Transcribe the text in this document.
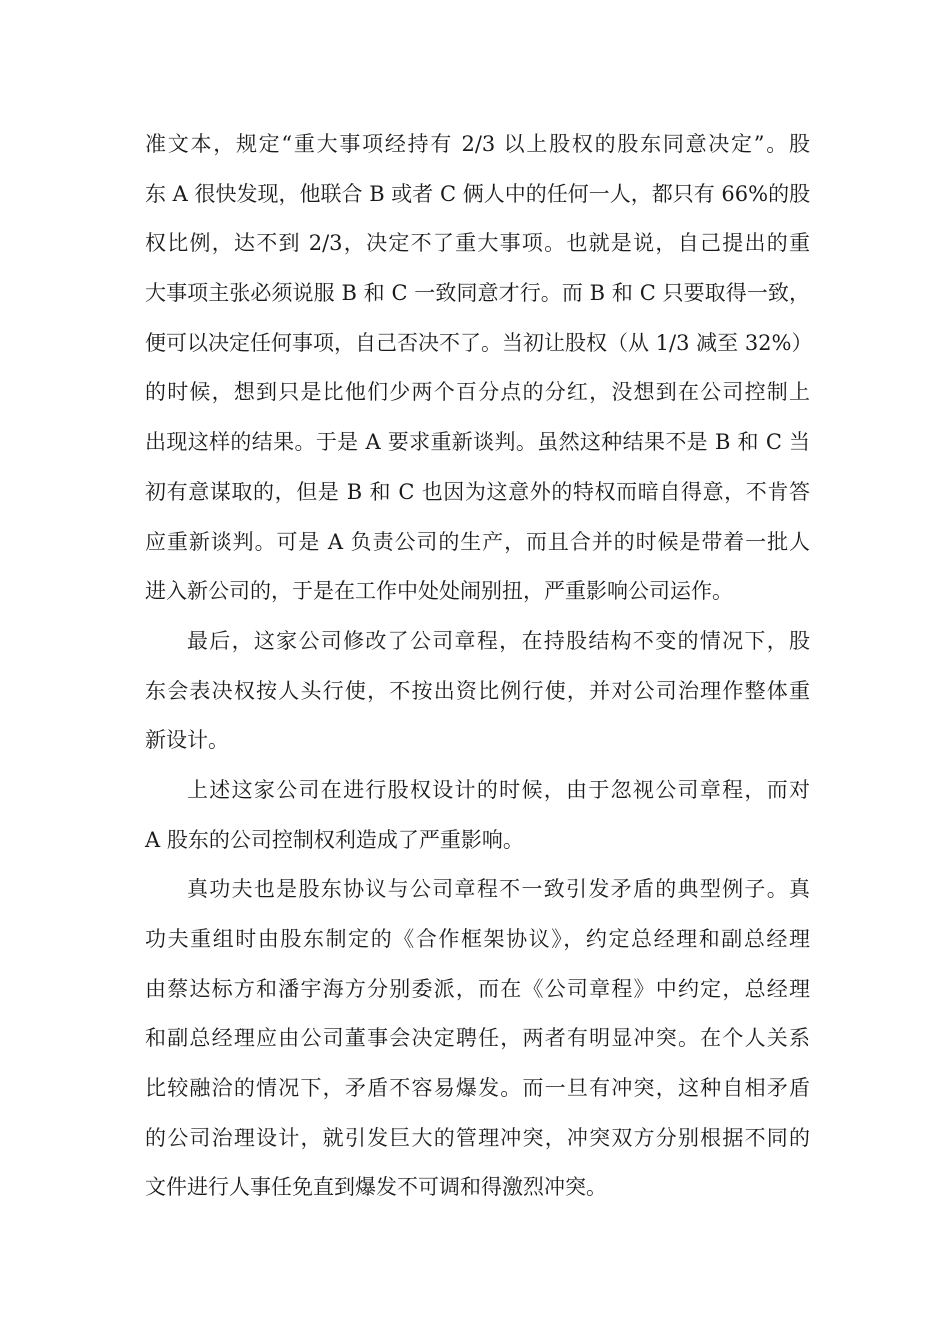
准文本，规定“重大事项经持有 2/3 以上股权的股东同意决定”。股
东 A 很快发现，他联合 B 或者 C 俩人中的任何一人，都只有 66%的股
权比例，达不到 2/3，决定不了重大事项。也就是说，自己提出的重
大事项主张必须说服 B 和 C 一致同意才行。而 B 和 C 只要取得一致，
便可以决定任何事项，自己否决不了。当初让股权（从 1/3 减至 32%）
的时候，想到只是比他们少两个百分点的分红，没想到在公司控制上
出现这样的结果。于是 A 要求重新谈判。虽然这种结果不是 B 和 C 当
初有意谋取的，但是 B 和 C 也因为这意外的特权而暗自得意，不肯答
应重新谈判。可是 A 负责公司的生产，而且合并的时候是带着一批人
进入新公司的，于是在工作中处处闹别扭，严重影响公司运作。
最后，这家公司修改了公司章程，在持股结构不变的情况下，股
东会表决权按人头行使，不按出资比例行使，并对公司治理作整体重
新设计。
上述这家公司在进行股权设计的时候，由于忽视公司章程，而对
A 股东的公司控制权利造成了严重影响。
真功夫也是股东协议与公司章程不一致引发矛盾的典型例子。真
功夫重组时由股东制定的《合作框架协议》，约定总经理和副总经理
由蔡达标方和潘宇海方分别委派，而在《公司章程》中约定，总经理
和副总经理应由公司董事会决定聘任，两者有明显冲突。在个人关系
比较融洽的情况下，矛盾不容易爆发。而一旦有冲突，这种自相矛盾
的公司治理设计，就引发巨大的管理冲突，冲突双方分别根据不同的
文件进行人事任免直到爆发不可调和得激烈冲突。
